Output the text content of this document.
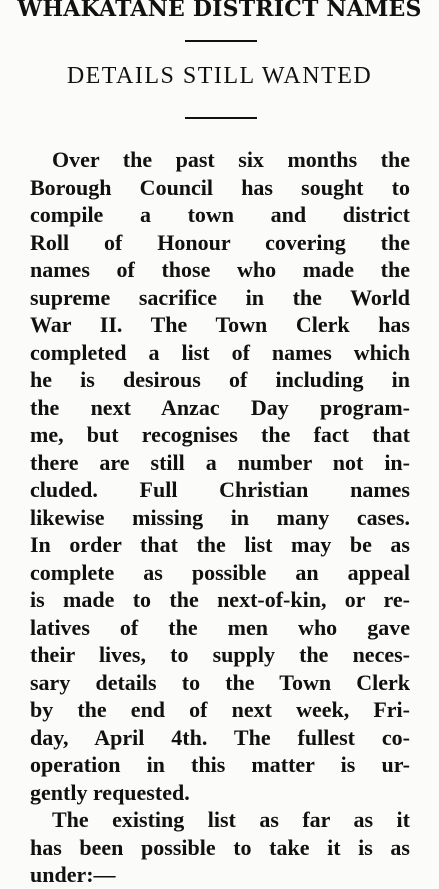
WHAKATANE DISTRICT NAMES
DETAILS STILL WANTED
Over the past six months the
Borough Council has sought to
compile a town and district
Roll of Honour covering the
names of those who made the
supreme sacrifice in the World
War II. The Town Clerk has
completed a list of names which
he is desirous of including in
the next Anzac Day program-
me, but recognises the fact that
there are still a number not in-
cluded. Full Christian names
likewise missing in many cases.
In order that the list may be as
complete as possible an appeal
is made to the next-of-kin, or re-
latives of the men who gave
their lives, to supply the neces-
sary details to the Town Clerk
by the end of next week, Fri-
day, April 4th. The fullest co-
operation in this matter is ur-
gently requested.
The existing list as far as it
has been possible to take it is as
under:—
